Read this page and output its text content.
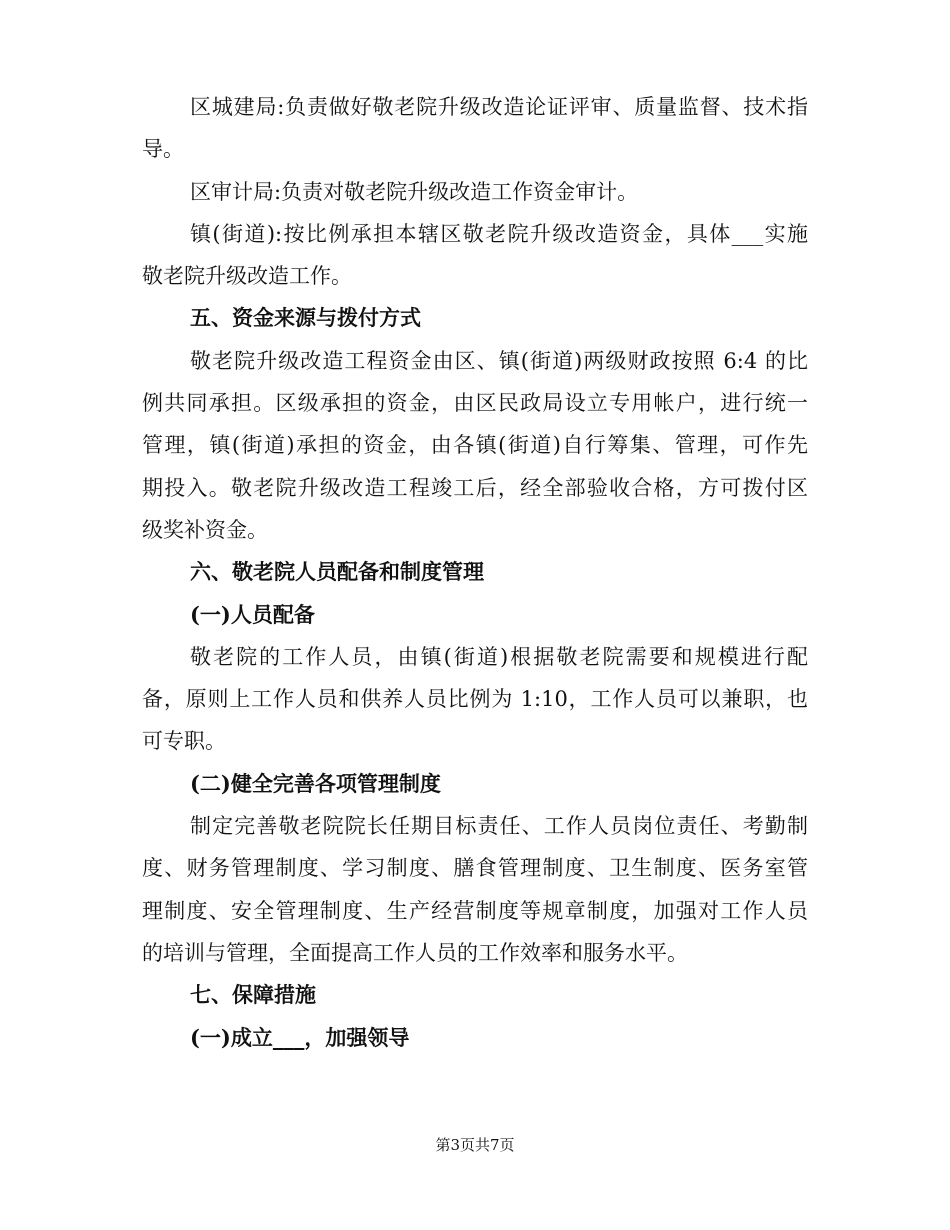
区城建局:负责做好敬老院升级改造论证评审、质量监督、技术指
导。
区审计局:负责对敬老院升级改造工作资金审计。
镇(街道):按比例承担本辖区敬老院升级改造资金，具体___实施
敬老院升级改造工作。
五、资金来源与拨付方式
敬老院升级改造工程资金由区、镇(街道)两级财政按照 6:4 的比
例共同承担。区级承担的资金，由区民政局设立专用帐户，进行统一
管理，镇(街道)承担的资金，由各镇(街道)自行筹集、管理，可作先
期投入。敬老院升级改造工程竣工后，经全部验收合格，方可拨付区
级奖补资金。
六、敬老院人员配备和制度管理
(一)人员配备
敬老院的工作人员，由镇(街道)根据敬老院需要和规模进行配
备，原则上工作人员和供养人员比例为 1:10，工作人员可以兼职，也
可专职。
(二)健全完善各项管理制度
制定完善敬老院院长任期目标责任、工作人员岗位责任、考勤制
度、财务管理制度、学习制度、膳食管理制度、卫生制度、医务室管
理制度、安全管理制度、生产经营制度等规章制度，加强对工作人员
的培训与管理，全面提高工作人员的工作效率和服务水平。
七、保障措施
(一)成立___，加强领导
第3页共7页
